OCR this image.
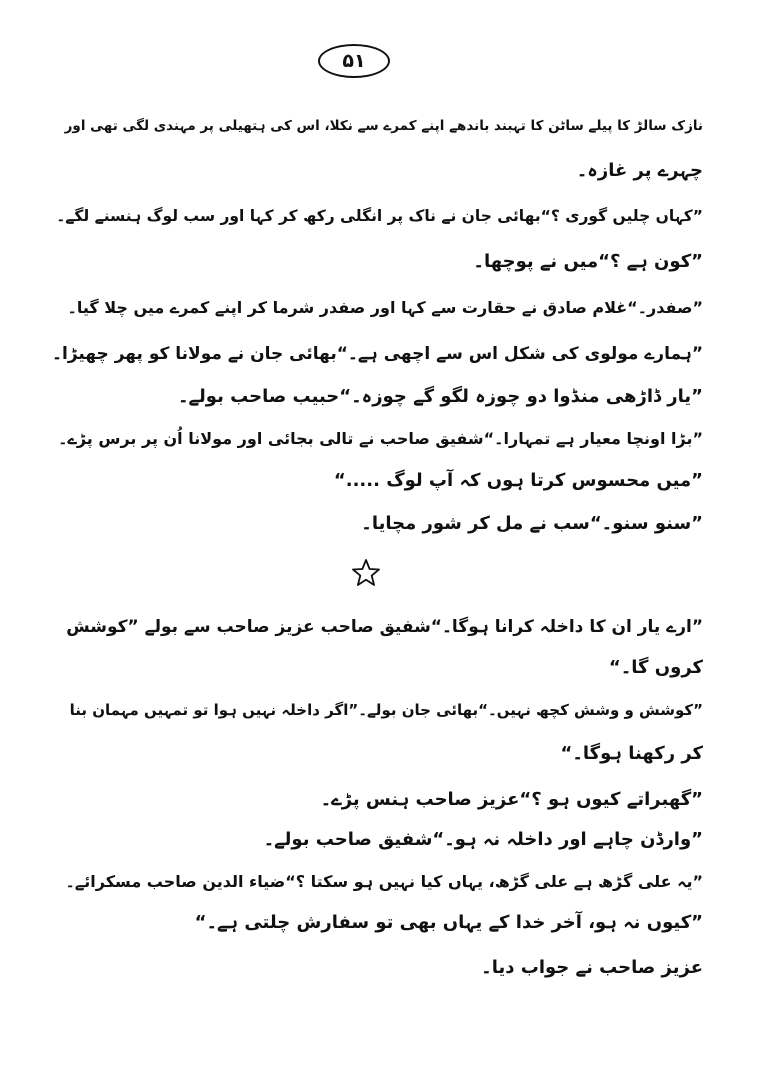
۵۱
نازک سالڑ کا پیلے ساٹن کا تہبند باندھے اپنے کمرے سے نکلا، اس کی ہتھیلی پر مہندی لگی تھی اور
چہرے پر غازہ۔
”کہاں چلیں گوری ؟“بھائی جان نے ناک پر انگلی رکھ کر کہا اور سب لوگ ہنسنے لگے۔
”کون ہے ؟“میں نے پوچھا۔
”صفدر۔“غلام صادق نے حقارت سے کہا اور صفدر شرما کر اپنے کمرے میں چلا گیا۔
”ہمارے مولوی کی شکل اس سے اچھی ہے۔“بھائی جان نے مولانا کو پھر چھیڑا۔
”یار ڈاڑھی منڈوا دو چوزہ لگو گے چوزہ۔“حبیب صاحب بولے۔
”بڑا اونچا معیار ہے تمہارا۔“شفیق صاحب نے تالی بجائی اور مولانا اُن پر برس پڑے۔
”میں محسوس کرتا ہوں کہ آپ لوگ .....“
”سنو سنو۔“سب نے مل کر شور مچایا۔
”ارے یار ان کا داخلہ کرانا ہوگا۔“شفیق صاحب عزیز صاحب سے بولے ”کوشش
کروں گا۔“
”کوشش و وشش کچھ نہیں۔“بھائی جان بولے۔”اگر داخلہ نہیں ہوا تو تمہیں مہمان بنا
کر رکھنا ہوگا۔“
”گھبراتے کیوں ہو ؟“عزیز صاحب ہنس پڑے۔
”وارڈن چاہے اور داخلہ نہ ہو۔“شفیق صاحب بولے۔
”یہ علی گڑھ ہے علی گڑھ، یہاں کیا نہیں ہو سکتا ؟“ضیاء الدین صاحب مسکرائے۔
”کیوں نہ ہو، آخر خدا کے یہاں بھی تو سفارش چلتی ہے۔“
عزیز صاحب نے جواب دیا۔
